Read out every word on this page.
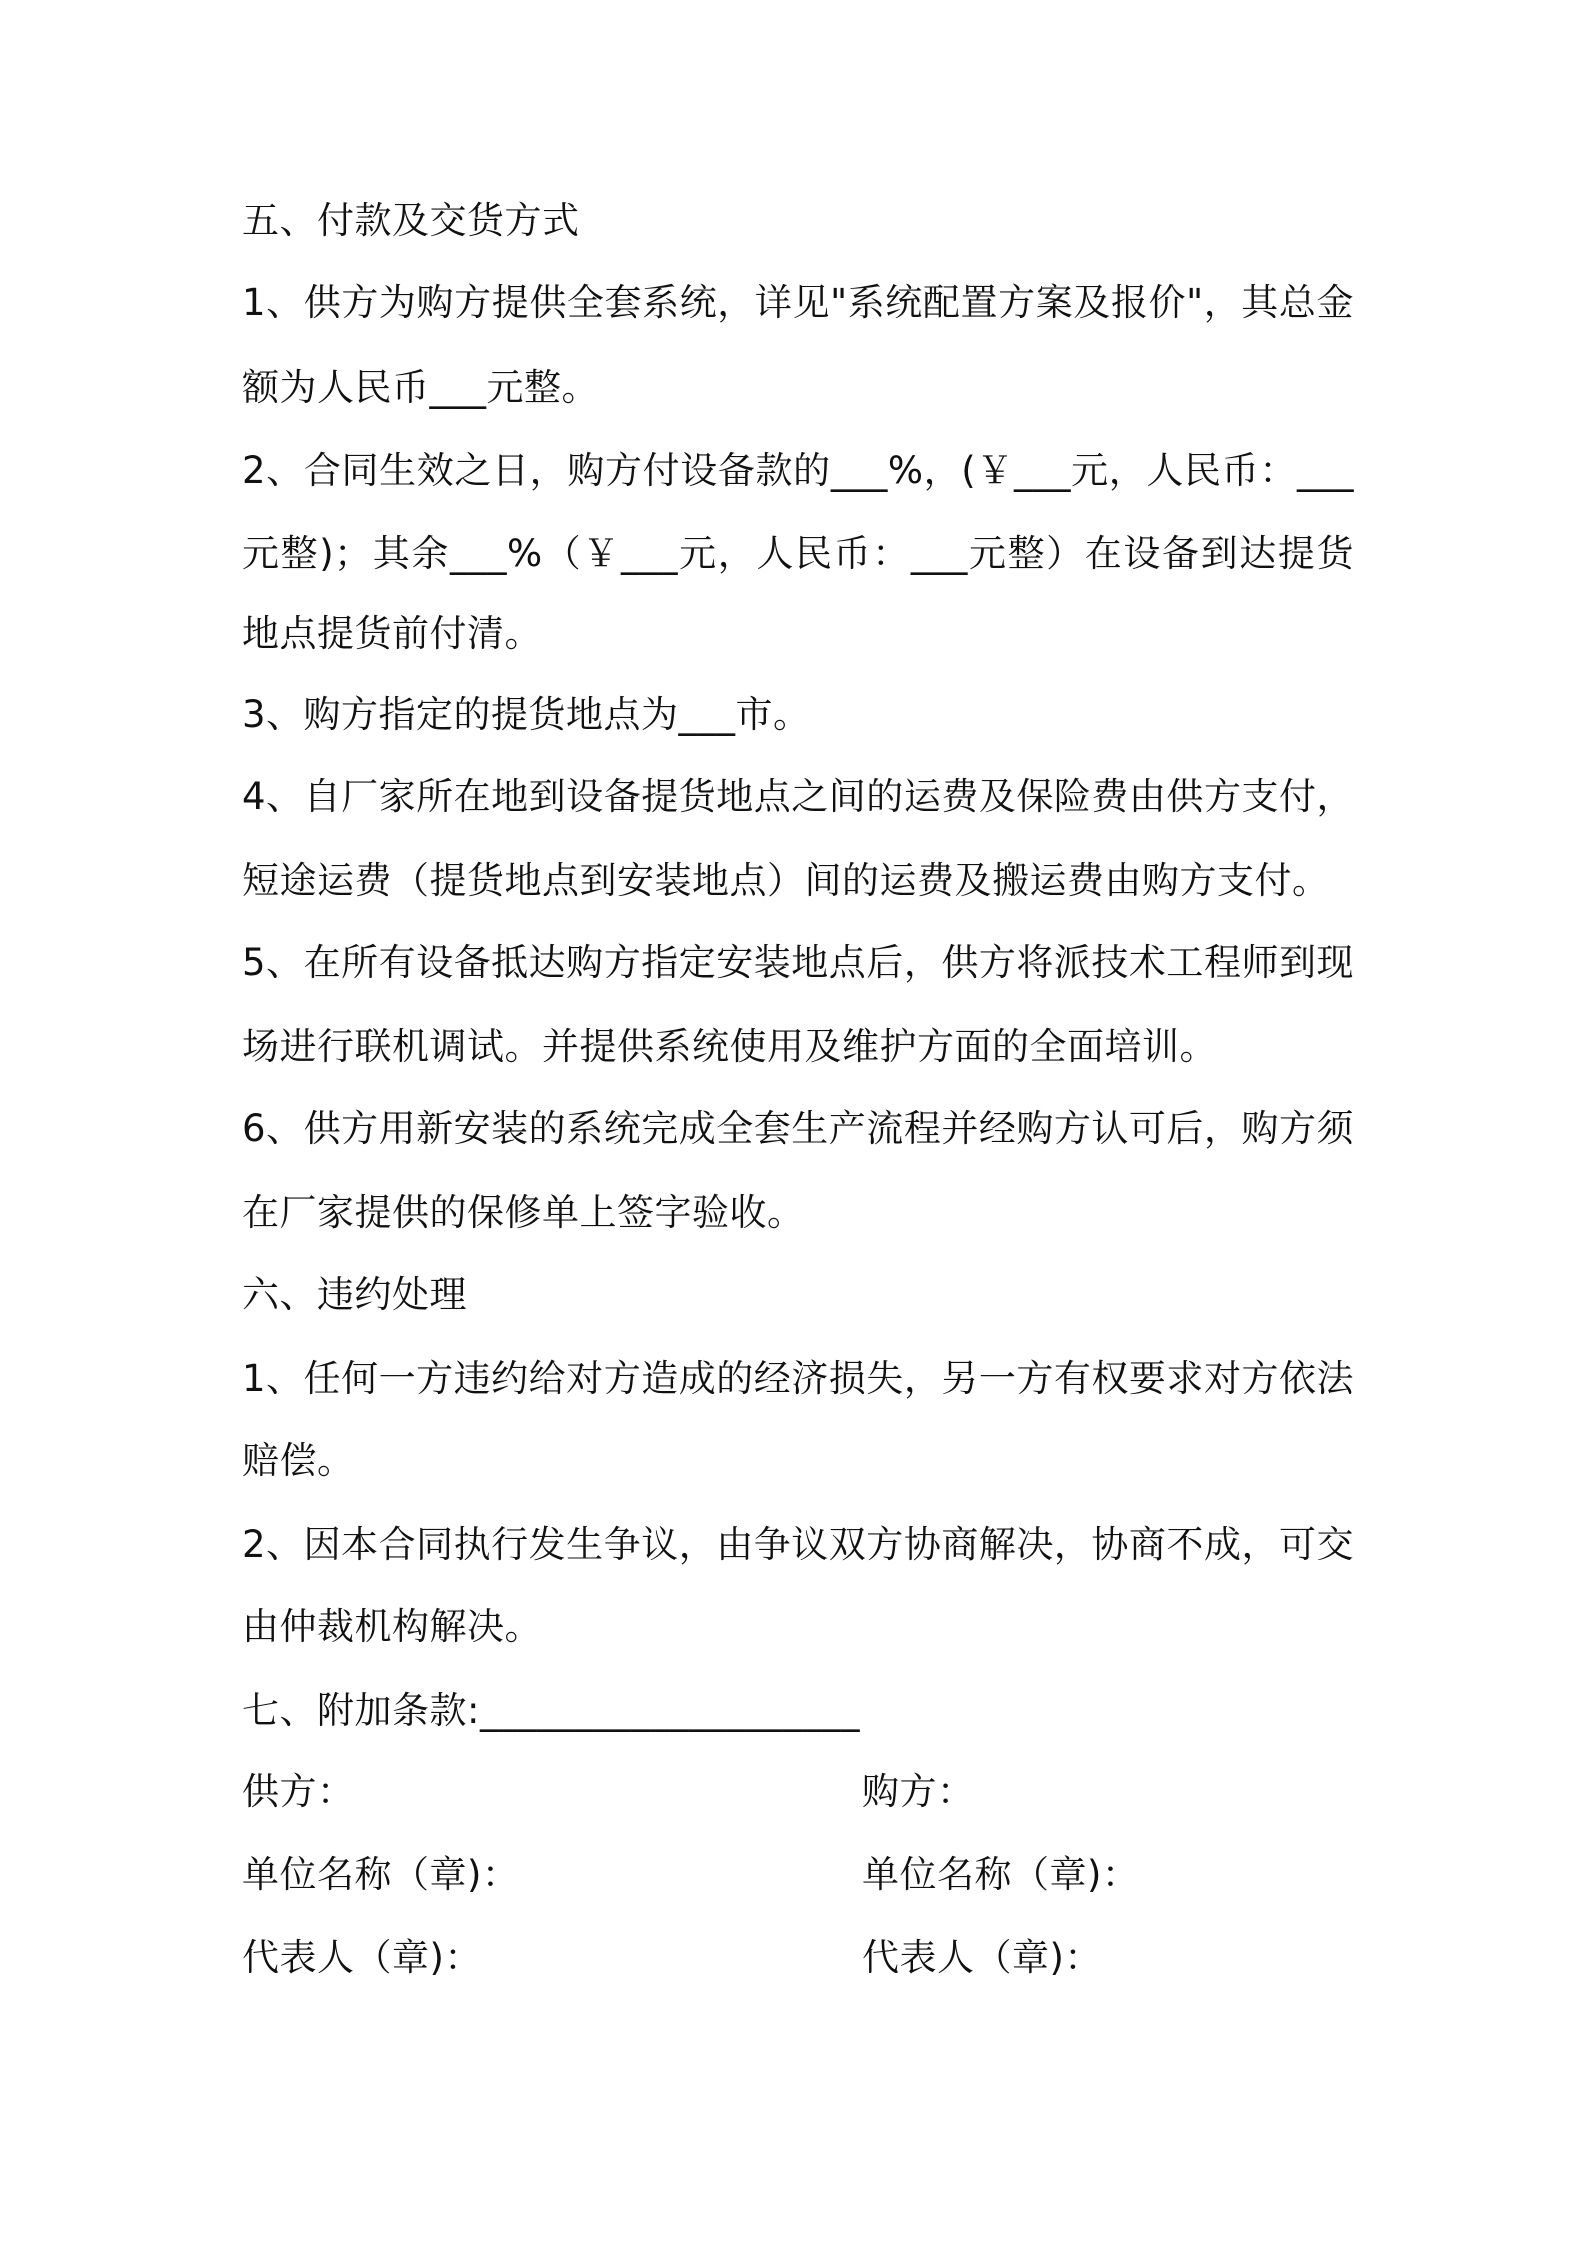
五、付款及交货方式
1、供方为购方提供全套系统，详见"系统配置方案及报价"，其总金
额为人民币___元整。
2、合同生效之日，购方付设备款的___%，(￥___元，人民币：___
元整)；其余___%（￥___元，人民币：___元整）在设备到达提货
地点提货前付清。
3、购方指定的提货地点为___市。
4、自厂家所在地到设备提货地点之间的运费及保险费由供方支付，
短途运费（提货地点到安装地点）间的运费及搬运费由购方支付。
5、在所有设备抵达购方指定安装地点后，供方将派技术工程师到现
场进行联机调试。并提供系统使用及维护方面的全面培训。
6、供方用新安装的系统完成全套生产流程并经购方认可后，购方须
在厂家提供的保修单上签字验收。
六、违约处理
1、任何一方违约给对方造成的经济损失，另一方有权要求对方依法
赔偿。
2、因本合同执行发生争议，由争议双方协商解决，协商不成，可交
由仲裁机构解决。
七、附加条款:____________________
供方：	购方：
单位名称（章)：	单位名称（章)：
代表人（章)：	代表人（章)：
